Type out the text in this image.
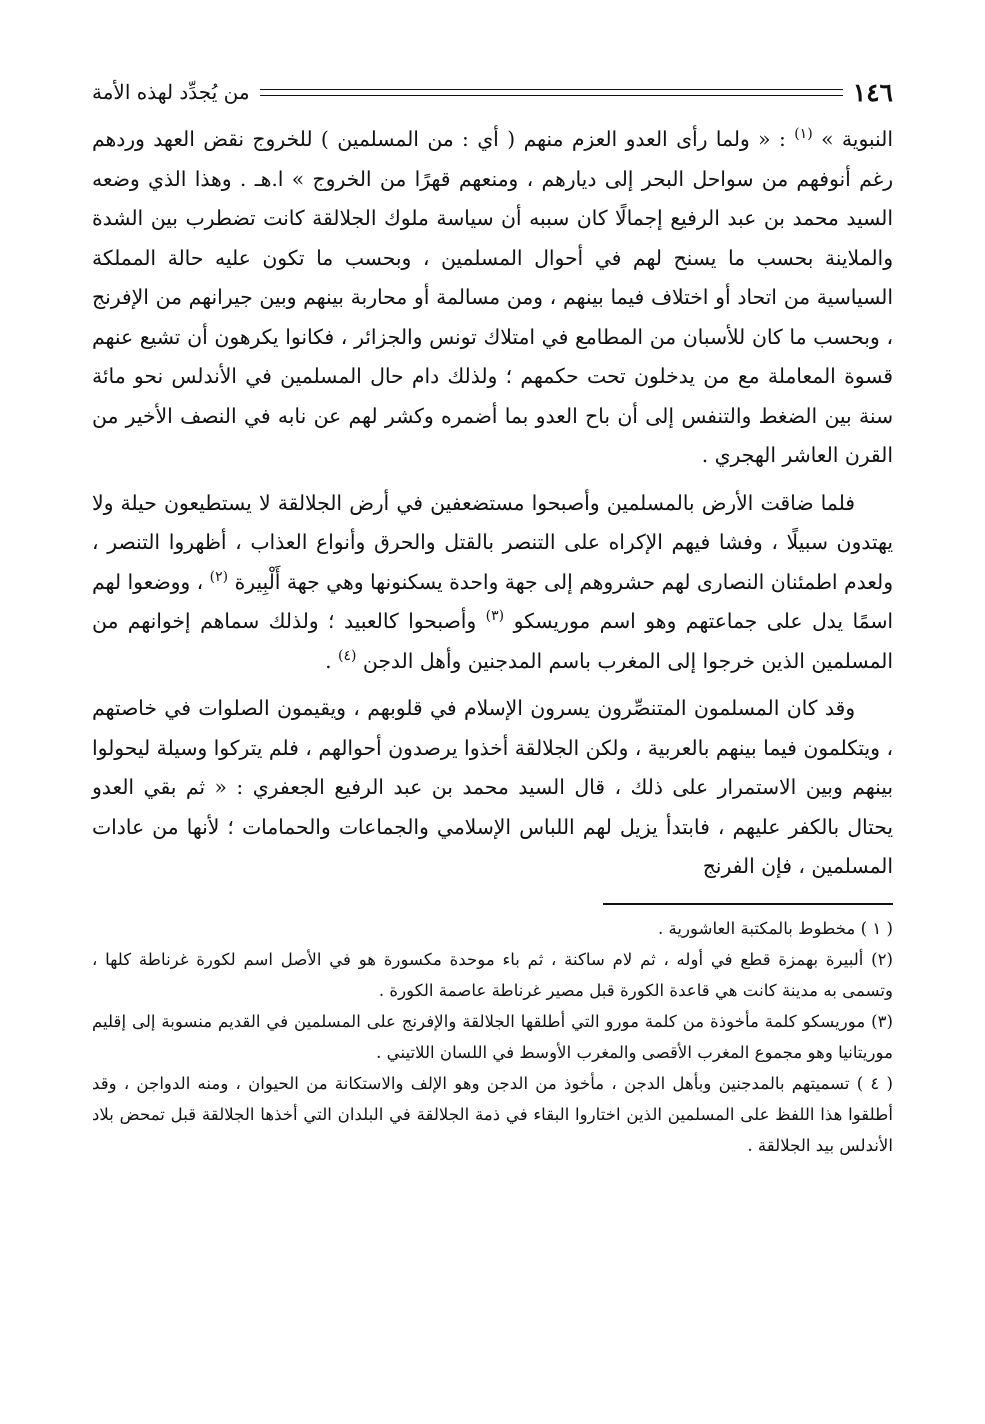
١٤٦
من يُجدِّد لهذه الأمة

النبوية » $^{(١)}$ : « ولما رأى العدو العزم منهم ( أي : من المسلمين ) للخروج نقض العهد وردهم رغم أنوفهم من سواحل البحر إلى ديارهم ، ومنعهم قهرًا من الخروج » ا.هـ . وهذا الذي وضعه السيد محمد بن عبد الرفيع إجمالًا كان سببه أن سياسة ملوك الجلالقة كانت تضطرب بين الشدة والملاينة بحسب ما يسنح لهم في أحوال المسلمين ، وبحسب ما تكون عليه حالة المملكة السياسية من اتحاد أو اختلاف فيما بينهم ، ومن مسالمة أو محاربة بينهم وبين جيرانهم من الإفرنج ، وبحسب ما كان للأسبان من المطامع في امتلاك تونس والجزائر ، فكانوا يكرهون أن تشيع عنهم قسوة المعاملة مع من يدخلون تحت حكمهم ؛ ولذلك دام حال المسلمين في الأندلس نحو مائة سنة بين الضغط والتنفس إلى أن باح العدو بما أضمره وكشر لهم عن نابه في النصف الأخير من القرن العاشر الهجري .

فلما ضاقت الأرض بالمسلمين وأصبحوا مستضعفين في أرض الجلالقة لا يستطيعون حيلة ولا يهتدون سبيلًا ، وفشا فيهم الإكراه على التنصر بالقتل والحرق وأنواع العذاب ، أظهروا التنصر ، ولعدم اطمئنان النصارى لهم حشروهم إلى جهة واحدة يسكنونها وهي جهة أَلْبِيرة $^{(٢)}$ ، ووضعوا لهم اسمًا يدل على جماعتهم وهو اسم موريسكو $^{(٣)}$ وأصبحوا كالعبيد ؛ ولذلك سماهم إخوانهم من المسلمين الذين خرجوا إلى المغرب باسم المدجنين وأهل الدجن $^{(٤)}$ .

وقد كان المسلمون المتنصِّرون يسرون الإسلام في قلوبهم ، ويقيمون الصلوات في خاصتهم ، ويتكلمون فيما بينهم بالعربية ، ولكن الجلالقة أخذوا يرصدون أحوالهم ، فلم يتركوا وسيلة ليحولوا بينهم وبين الاستمرار على ذلك ، قال السيد محمد بن عبد الرفيع الجعفري : « ثم بقي العدو يحتال بالكفر عليهم ، فابتدأ يزيل لهم اللباس الإسلامي والجماعات والحمامات ؛ لأنها من عادات المسلمين ، فإن الفرنج

( ١ ) مخطوط بالمكتبة العاشورية .

(٢) ألبيرة بهمزة قطع في أوله ، ثم لام ساكنة ، ثم باء موحدة مكسورة هو في الأصل اسم لكورة غرناطة كلها ، وتسمى به مدينة كانت هي قاعدة الكورة قبل مصير غرناطة عاصمة الكورة .

(٣) موريسكو كلمة مأخوذة من كلمة مورو التي أطلقها الجلالقة والإفرنج على المسلمين في القديم منسوبة إلى إقليم موريتانيا وهو مجموع المغرب الأقصى والمغرب الأوسط في اللسان اللاتيني .

( ٤ ) تسميتهم بالمدجنين وبأهل الدجن ، مأخوذ من الدجن وهو الإلف والاستكانة من الحيوان ، ومنه الدواجن ، وقد أطلقوا هذا اللفظ على المسلمين الذين اختاروا البقاء في ذمة الجلالقة في البلدان التي أخذها الجلالقة قبل تمحض بلاد الأندلس بيد الجلالقة .
